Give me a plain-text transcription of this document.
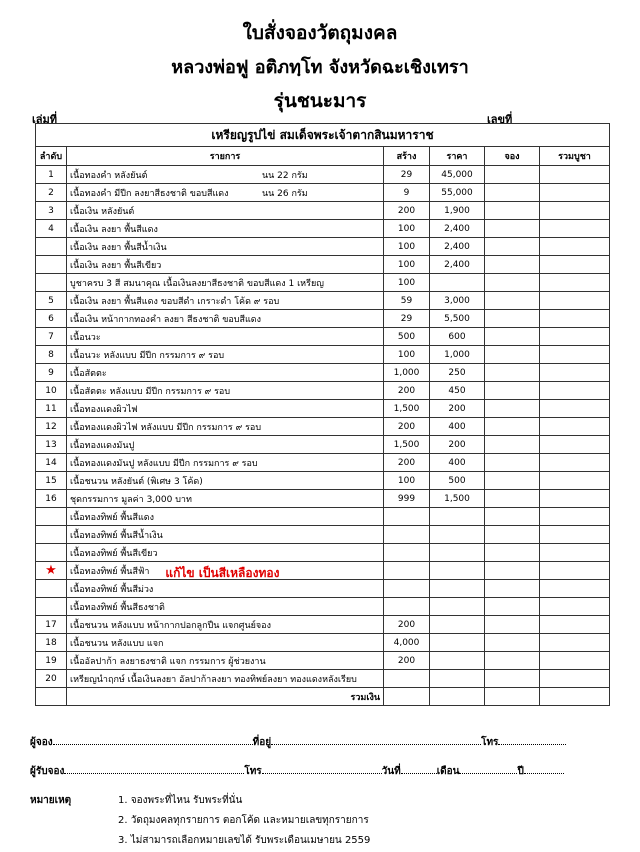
ใบสั่งจองวัตถุมงคล
หลวงพ่อฟู อติภทฺโท จังหวัดฉะเชิงเทรา
รุ่นชนะมาร
เล่มที่	เลขที่
เหรียญรูปไข่ สมเด็จพระเจ้าตากสินมหาราช					
ลำดับ	รายการ	สร้าง	ราคา	จอง	รวมบูชา
1	เนื้อทองคำ หลังยันต์ นน 22 กรัม	29	45,000		
2	เนื้อทองคำ มีปีก ลงยาสีธงชาติ ขอบสีแดง นน 26 กรัม	9	55,000		
3	เนื้อเงิน หลังยันต์	200	1,900		
4	เนื้อเงิน ลงยา พื้นสีแดง	100	2,400		
	เนื้อเงิน ลงยา พื้นสีน้ำเงิน	100	2,400		
	เนื้อเงิน ลงยา พื้นสีเขียว	100	2,400		
	บูชาครบ 3 สี สมนาคุณ เนื้อเงินลงยาสีธงชาติ ขอบสีแดง 1 เหรียญ	100			
5	เนื้อเงิน ลงยา พื้นสีแดง ขอบสีดำ เกราะดำ โค้ด ๙ รอบ	59	3,000		
6	เนื้อเงิน หน้ากากทองคำ ลงยา สีธงชาติ ขอบสีแดง	29	5,500		
7	เนื้อนวะ	500	600		
8	เนื้อนวะ หลังแบบ มีปีก กรรมการ ๙ รอบ	100	1,000		
9	เนื้อสัตตะ	1,000	250		
10	เนื้อสัตตะ หลังแบบ มีปีก กรรมการ ๙ รอบ	200	450		
11	เนื้อทองแดงผิวไฟ	1,500	200		
12	เนื้อทองแดงผิวไฟ หลังแบบ มีปีก กรรมการ ๙ รอบ	200	400		
13	เนื้อทองแดงมันปู	1,500	200		
14	เนื้อทองแดงมันปู หลังแบบ มีปีก กรรมการ ๙ รอบ	200	400		
15	เนื้อชนวน หลังยันต์ (พิเศษ 3 โค้ด)	100	500		
16	ชุดกรรมการ มูลค่า 3,000 บาท	999	1,500		
	เนื้อทองทิพย์ พื้นสีแดง				
	เนื้อทองทิพย์ พื้นสีน้ำเงิน				
	เนื้อทองทิพย์ พื้นสีเขียว				
★	เนื้อทองทิพย์ พื้นสีฟ้า แก้ไข เป็นสีเหลืองทอง				

	เนื้อทองทิพย์ พื้นสีม่วง				
	เนื้อทองทิพย์ พื้นสีธงชาติ				
17	เนื้อชนวน หลังแบบ หน้ากากปอกลูกปืน แจกศูนย์จอง	200			
18	เนื้อชนวน หลังแบบ แจก	4,000			
19	เนื้ออัลปาก้า ลงยาธงชาติ แจก กรรมการ ผู้ช่วยงาน	200			
20	เหรียญนำฤกษ์ เนื้อเงินลงยา อัลปาก้าลงยา ทองทิพย์ลงยา ทองแดงหลังเรียบ				
	รวมเงิน				
ผู้จอง	ที่อยู่	โทร
ผู้รับจอง	โทร	วันที่	เดือน	ปี
หมายเหตุ	1. จองพระที่ไหน รับพระที่นั่น
2. วัดถุมงคลทุกรายการ ตอกโค้ด และหมายเลขทุกรายการ
3. ไม่สามารถเลือกหมายเลขได้ รับพระเดือนเมษายน 2559
